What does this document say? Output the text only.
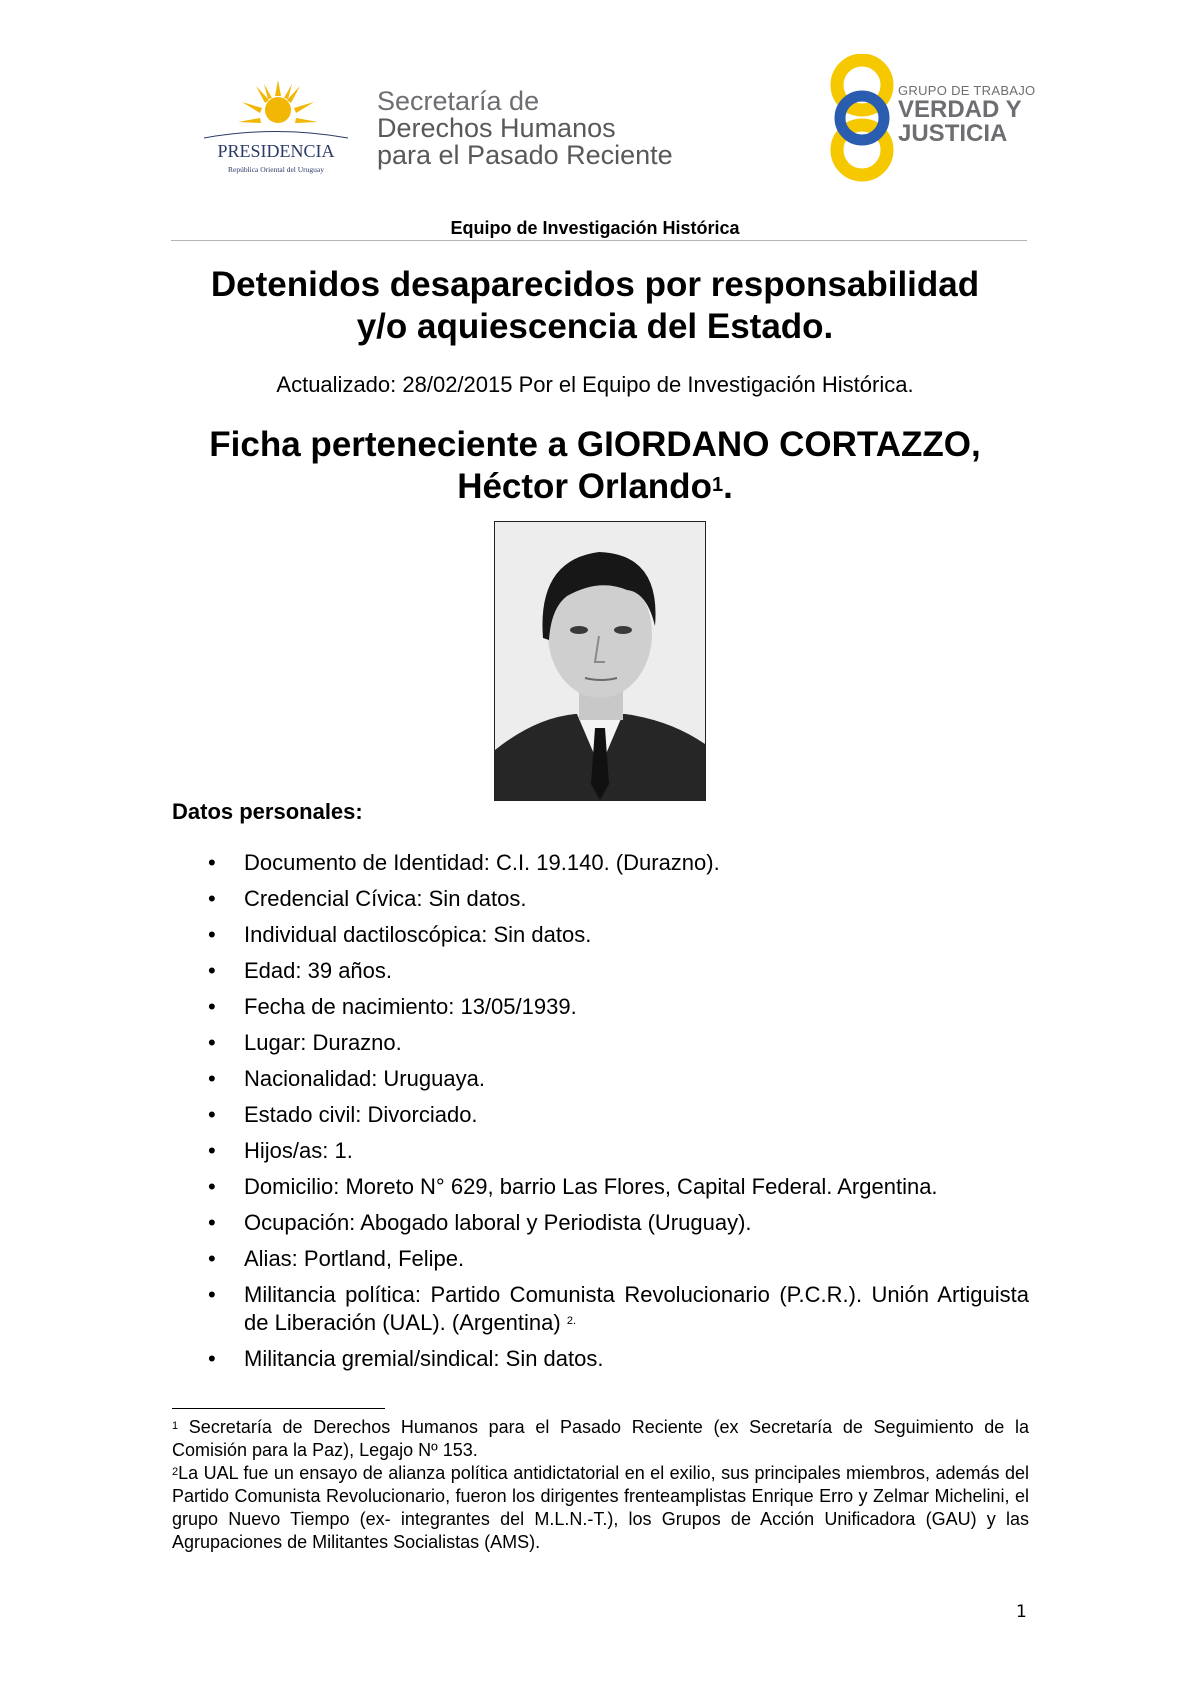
PRESIDENCIA
República Oriental del Uruguay
Secretaría de
Derechos Humanos
para el Pasado Reciente
GRUPO DE TRABAJO
VERDAD Y
JUSTICIA
Equipo de Investigación Histórica
Detenidos desaparecidos por responsabilidad
y/o aquiescencia del Estado.
Actualizado: 28/02/2015 Por el Equipo de Investigación Histórica.
Ficha perteneciente a GIORDANO CORTAZZO,
Héctor Orlando$^1$.
Datos personales:
• Documento de Identidad: C.I. 19.140. (Durazno).
• Credencial Cívica: Sin datos.
• Individual dactiloscópica: Sin datos.
• Edad: 39 años.
• Fecha de nacimiento: 13/05/1939.
• Lugar: Durazno.
• Nacionalidad: Uruguaya.
• Estado civil: Divorciado.
• Hijos/as: 1.
• Domicilio: Moreto N° 629, barrio Las Flores, Capital Federal. Argentina.
• Ocupación: Abogado laboral y Periodista (Uruguay).
• Alias: Portland, Felipe.
• Militancia política: Partido Comunista Revolucionario (P.C.R.). Unión Artiguista de Liberación (UAL). (Argentina) $^{2.}$
• Militancia gremial/sindical: Sin datos.

$^1$ Secretaría de Derechos Humanos para el Pasado Reciente (ex Secretaría de Seguimiento de la Comisión para la Paz), Legajo Nº 153.

$^2$La UAL fue un ensayo de alianza política antidictatorial en el exilio, sus principales miembros, además del Partido Comunista Revolucionario, fueron los dirigentes frenteamplistas Enrique Erro y Zelmar Michelini, el grupo Nuevo Tiempo (ex- integrantes del M.L.N.-T.), los Grupos de Acción Unificadora (GAU) y las Agrupaciones de Militantes Socialistas (AMS).

1
